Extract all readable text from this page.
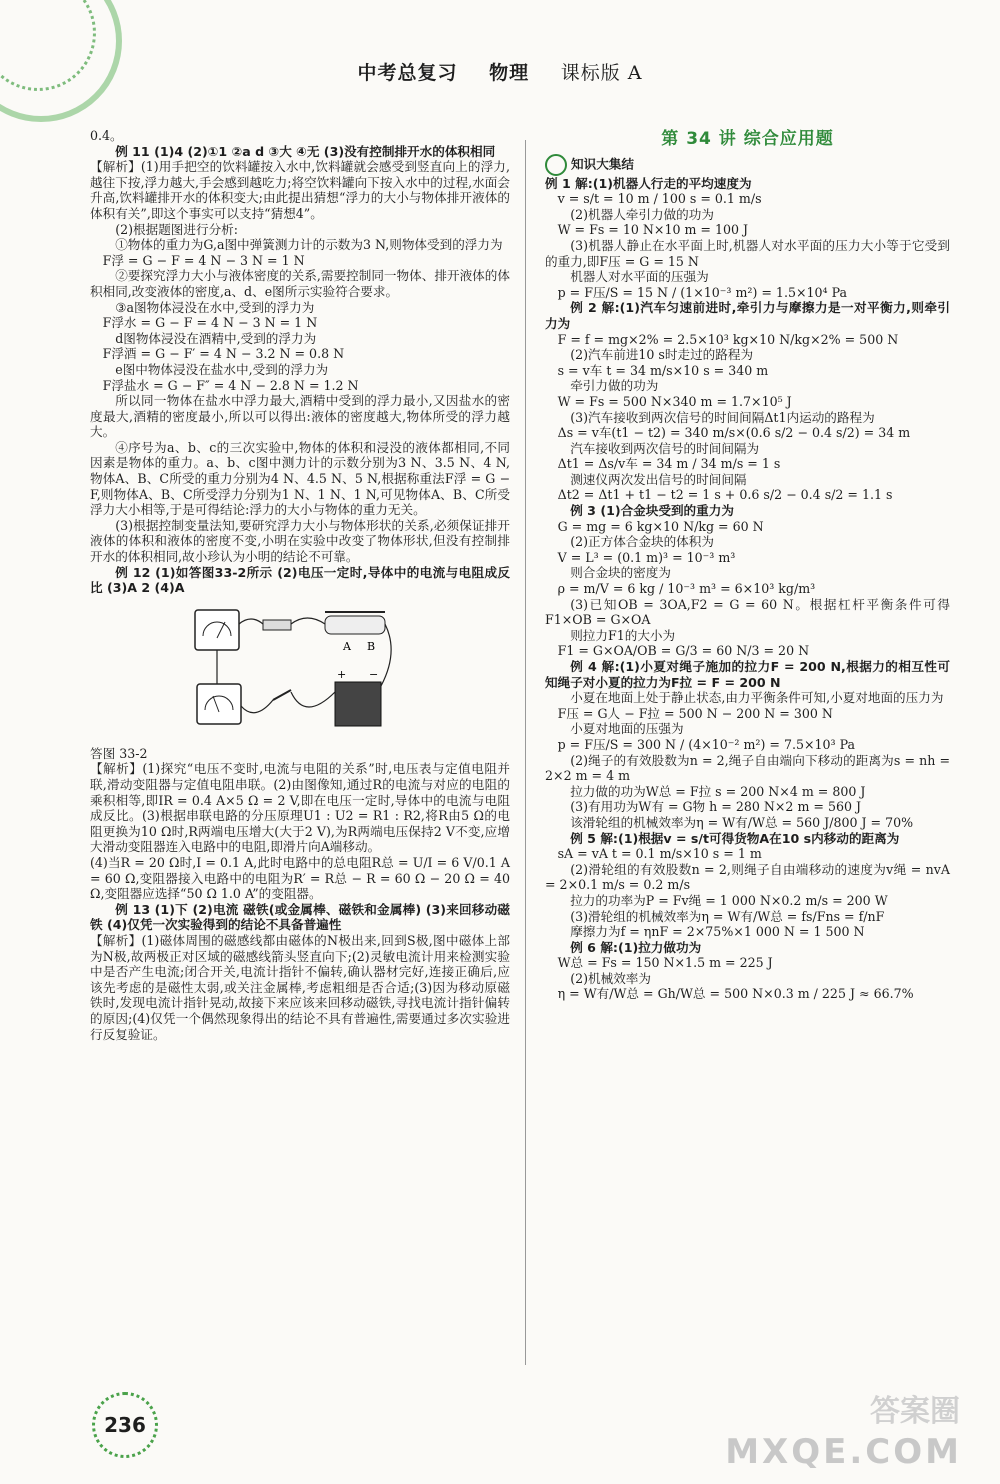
中考总复习 物理 课标版 A

0.4。

例 11 (1)4 (2)①1 ②a d ③大 ④无 (3)没有控制排开水的体积相同

【解析】(1)用手把空的饮料罐按入水中,饮料罐就会感受到竖直向上的浮力,越往下按,浮力越大,手会感到越吃力;将空饮料罐向下按入水中的过程,水面会升高,饮料罐排开水的体积变大;由此提出猜想“浮力的大小与物体排开液体的体积有关”,即这个事实可以支持“猜想4”。

(2)根据题图进行分析:

①物体的重力为G,a图中弹簧测力计的示数为3 N,则物体受到的浮力为

F浮 = G − F = 4 N − 3 N = 1 N

②要探究浮力大小与液体密度的关系,需要控制同一物体、排开液体的体积相同,改变液体的密度,a、d、e图所示实验符合要求。

③a图物体浸没在水中,受到的浮力为

F浮水 = G − F = 4 N − 3 N = 1 N

d图物体浸没在酒精中,受到的浮力为

F浮酒 = G − F′ = 4 N − 3.2 N = 0.8 N

e图中物体浸没在盐水中,受到的浮力为

F浮盐水 = G − F″ = 4 N − 2.8 N = 1.2 N

所以同一物体在盐水中浮力最大,酒精中受到的浮力最小,又因盐水的密度最大,酒精的密度最小,所以可以得出:液体的密度越大,物体所受的浮力越大。

④序号为a、b、c的三次实验中,物体的体积和浸没的液体都相同,不同因素是物体的重力。a、b、c图中测力计的示数分别为3 N、3.5 N、4 N,物体A、B、C所受的重力分别为4 N、4.5 N、5 N,根据称重法F浮 = G − F,则物体A、B、C所受浮力分别为1 N、1 N、1 N,可见物体A、B、C所受浮力大小相等,于是可得结论:浮力的大小与物体的重力无关。

(3)根据控制变量法知,要研究浮力大小与物体形状的关系,必须保证排开液体的体积和液体的密度不变,小明在实验中改变了物体形状,但没有控制排开水的体积相同,故小珍认为小明的结论不可靠。

例 12 (1)如答图33-2所示 (2)电压一定时,导体中的电流与电阻成反比 (3)A 2 (4)A

A B
+ −

答图 33-2

【解析】(1)探究“电压不变时,电流与电阻的关系”时,电压表与定值电阻并联,滑动变阻器与定值电阻串联。(2)由图像知,通过R的电流与对应的电阻的乘积相等,即IR = 0.4 A×5 Ω = 2 V,即在电压一定时,导体中的电流与电阻成反比。(3)根据串联电路的分压原理U1 : U2 = R1 : R2,将R由5 Ω的电阻更换为10 Ω时,R两端电压增大(大于2 V),为R两端电压保持2 V不变,应增大滑动变阻器连入电路中的电阻,即滑片向A端移动。

(4)当R = 20 Ω时,I = 0.1 A,此时电路中的总电阻R总 = U/I = 6 V/0.1 A = 60 Ω,变阻器接入电路中的电阻为R′ = R总 − R = 60 Ω − 20 Ω = 40 Ω,变阻器应选择“50 Ω 1.0 A”的变阻器。

例 13 (1)下 (2)电流 磁铁(或金属棒、磁铁和金属棒) (3)来回移动磁铁 (4)仅凭一次实验得到的结论不具备普遍性

【解析】(1)磁体周围的磁感线都由磁体的N极出来,回到S极,图中磁体上部为N极,故两极正对区域的磁感线箭头竖直向下;(2)灵敏电流计用来检测实验中是否产生电流;闭合开关,电流计指针不偏转,确认器材完好,连接正确后,应该先考虑的是磁性太弱,或关注金属棒,考虑粗细是否合适;(3)因为移动原磁铁时,发现电流计指针晃动,故接下来应该来回移动磁铁,寻找电流计指针偏转的原因;(4)仅凭一个偶然现象得出的结论不具有普遍性,需要通过多次实验进行反复验证。

第 34 讲 综合应用题

知识大集结

例 1 解:(1)机器人行走的平均速度为

v = s/t = 10 m / 100 s = 0.1 m/s

(2)机器人牵引力做的功为

W = Fs = 10 N×10 m = 100 J

(3)机器人静止在水平面上时,机器人对水平面的压力大小等于它受到的重力,即F压 = G = 15 N

机器人对水平面的压强为

p = F压/S = 15 N / (1×10⁻³ m²) = 1.5×10⁴ Pa

例 2 解:(1)汽车匀速前进时,牵引力与摩擦力是一对平衡力,则牵引力为

F = f = mg×2% = 2.5×10³ kg×10 N/kg×2% = 500 N

(2)汽车前进10 s时走过的路程为

s = v车 t = 34 m/s×10 s = 340 m

牵引力做的功为

W = Fs = 500 N×340 m = 1.7×10⁵ J

(3)汽车接收到两次信号的时间间隔Δt1内运动的路程为

Δs = v车(t1 − t2) = 340 m/s×(0.6 s/2 − 0.4 s/2) = 34 m

汽车接收到两次信号的时间间隔为

Δt1 = Δs/v车 = 34 m / 34 m/s = 1 s

测速仪两次发出信号的时间间隔

Δt2 = Δt1 + t1 − t2 = 1 s + 0.6 s/2 − 0.4 s/2 = 1.1 s

例 3 (1)合金块受到的重力为

G = mg = 6 kg×10 N/kg = 60 N

(2)正方体合金块的体积为

V = L³ = (0.1 m)³ = 10⁻³ m³

则合金块的密度为

ρ = m/V = 6 kg / 10⁻³ m³ = 6×10³ kg/m³

(3)已知OB = 3OA,F2 = G = 60 N。根据杠杆平衡条件可得F1×OB = G×OA

则拉力F1的大小为

F1 = G×OA/OB = G/3 = 60 N/3 = 20 N

例 4 解:(1)小夏对绳子施加的拉力F = 200 N,根据力的相互性可知绳子对小夏的拉力为F拉 = F = 200 N

小夏在地面上处于静止状态,由力平衡条件可知,小夏对地面的压力为

F压 = G人 − F拉 = 500 N − 200 N = 300 N

小夏对地面的压强为

p = F压/S = 300 N / (4×10⁻² m²) = 7.5×10³ Pa

(2)绳子的有效股数为n = 2,绳子自由端向下移动的距离为s = nh = 2×2 m = 4 m

拉力做的功为W总 = F拉 s = 200 N×4 m = 800 J

(3)有用功为W有 = G物 h = 280 N×2 m = 560 J

该滑轮组的机械效率为η = W有/W总 = 560 J/800 J = 70%

例 5 解:(1)根据v = s/t可得货物A在10 s内移动的距离为

sA = vA t = 0.1 m/s×10 s = 1 m

(2)滑轮组的有效股数n = 2,则绳子自由端移动的速度为v绳 = nvA = 2×0.1 m/s = 0.2 m/s

拉力的功率为P = Fv绳 = 1 000 N×0.2 m/s = 200 W

(3)滑轮组的机械效率为η = W有/W总 = fs/Fns = f/nF

摩擦力为f = ηnF = 2×75%×1 000 N = 1 500 N

例 6 解:(1)拉力做功为

W总 = Fs = 150 N×1.5 m = 225 J

(2)机械效率为

η = W有/W总 = Gh/W总 = 500 N×0.3 m / 225 J ≈ 66.7%

236	答案圈
MXQE.COM
